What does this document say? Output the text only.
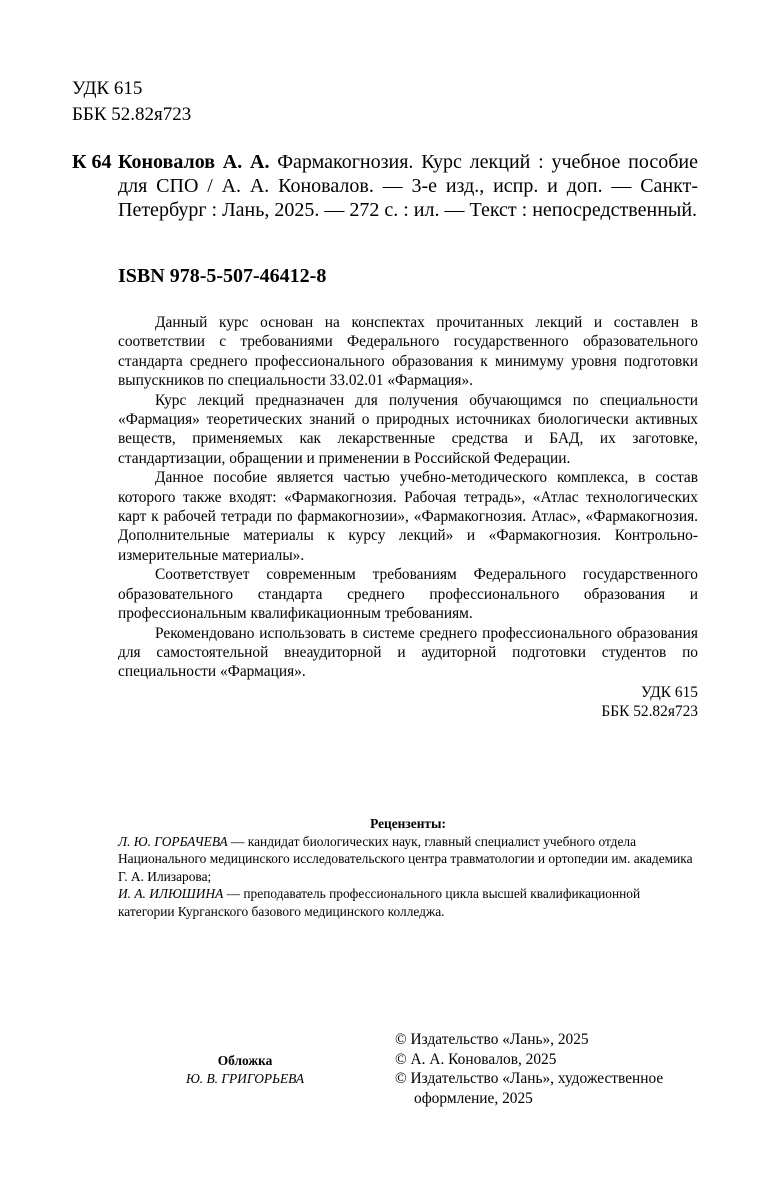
УДК 615
ББК 52.82я723
К 64 Коновалов А. А. Фармакогнозия. Курс лекций : учебное пособие для СПО / А. А. Коновалов. — 3-е изд., испр. и доп. — Санкт-Петербург : Лань, 2025. — 272 с. : ил. — Текст : непосредственный.
ISBN 978-5-507-46412-8

Данный курс основан на конспектах прочитанных лекций и составлен в соответствии с требованиями Федерального государственного образовательного стандарта среднего профессионального образования к минимуму уровня подготовки выпускников по специальности 33.02.01 «Фармация».

Курс лекций предназначен для получения обучающимся по специальности «Фармация» теоретических знаний о природных источниках биологически активных веществ, применяемых как лекарственные средства и БАД, их заготовке, стандартизации, обращении и применении в Российской Федерации.

Данное пособие является частью учебно-методического комплекса, в состав которого также входят: «Фармакогнозия. Рабочая тетрадь», «Атлас технологических карт к рабочей тетради по фармакогнозии», «Фармакогнозия. Атлас», «Фармакогнозия. Дополнительные материалы к курсу лекций» и «Фармакогнозия. Контрольно-измерительные материалы».

Соответствует современным требованиям Федерального государственного образовательного стандарта среднего профессионального образования и профессиональным квалификационным требованиям.

Рекомендовано использовать в системе среднего профессионального образования для самостоятельной внеаудиторной и аудиторной подготовки студентов по специальности «Фармация».

УДК 615
ББК 52.82я723
Рецензенты:

Л. Ю. ГОРБАЧЕВА — кандидат биологических наук, главный специалист учебного отдела Национального медицинского исследовательского центра травматологии и ортопедии им. академика Г. А. Илизарова;

И. А. ИЛЮШИНА — преподаватель профессионального цикла высшей квалификационной категории Курганского базового медицинского колледжа.

Обложка
Ю. В. ГРИГОРЬЕВА
© Издательство «Лань», 2025
© А. А. Коновалов, 2025
© Издательство «Лань», художественное оформление, 2025
